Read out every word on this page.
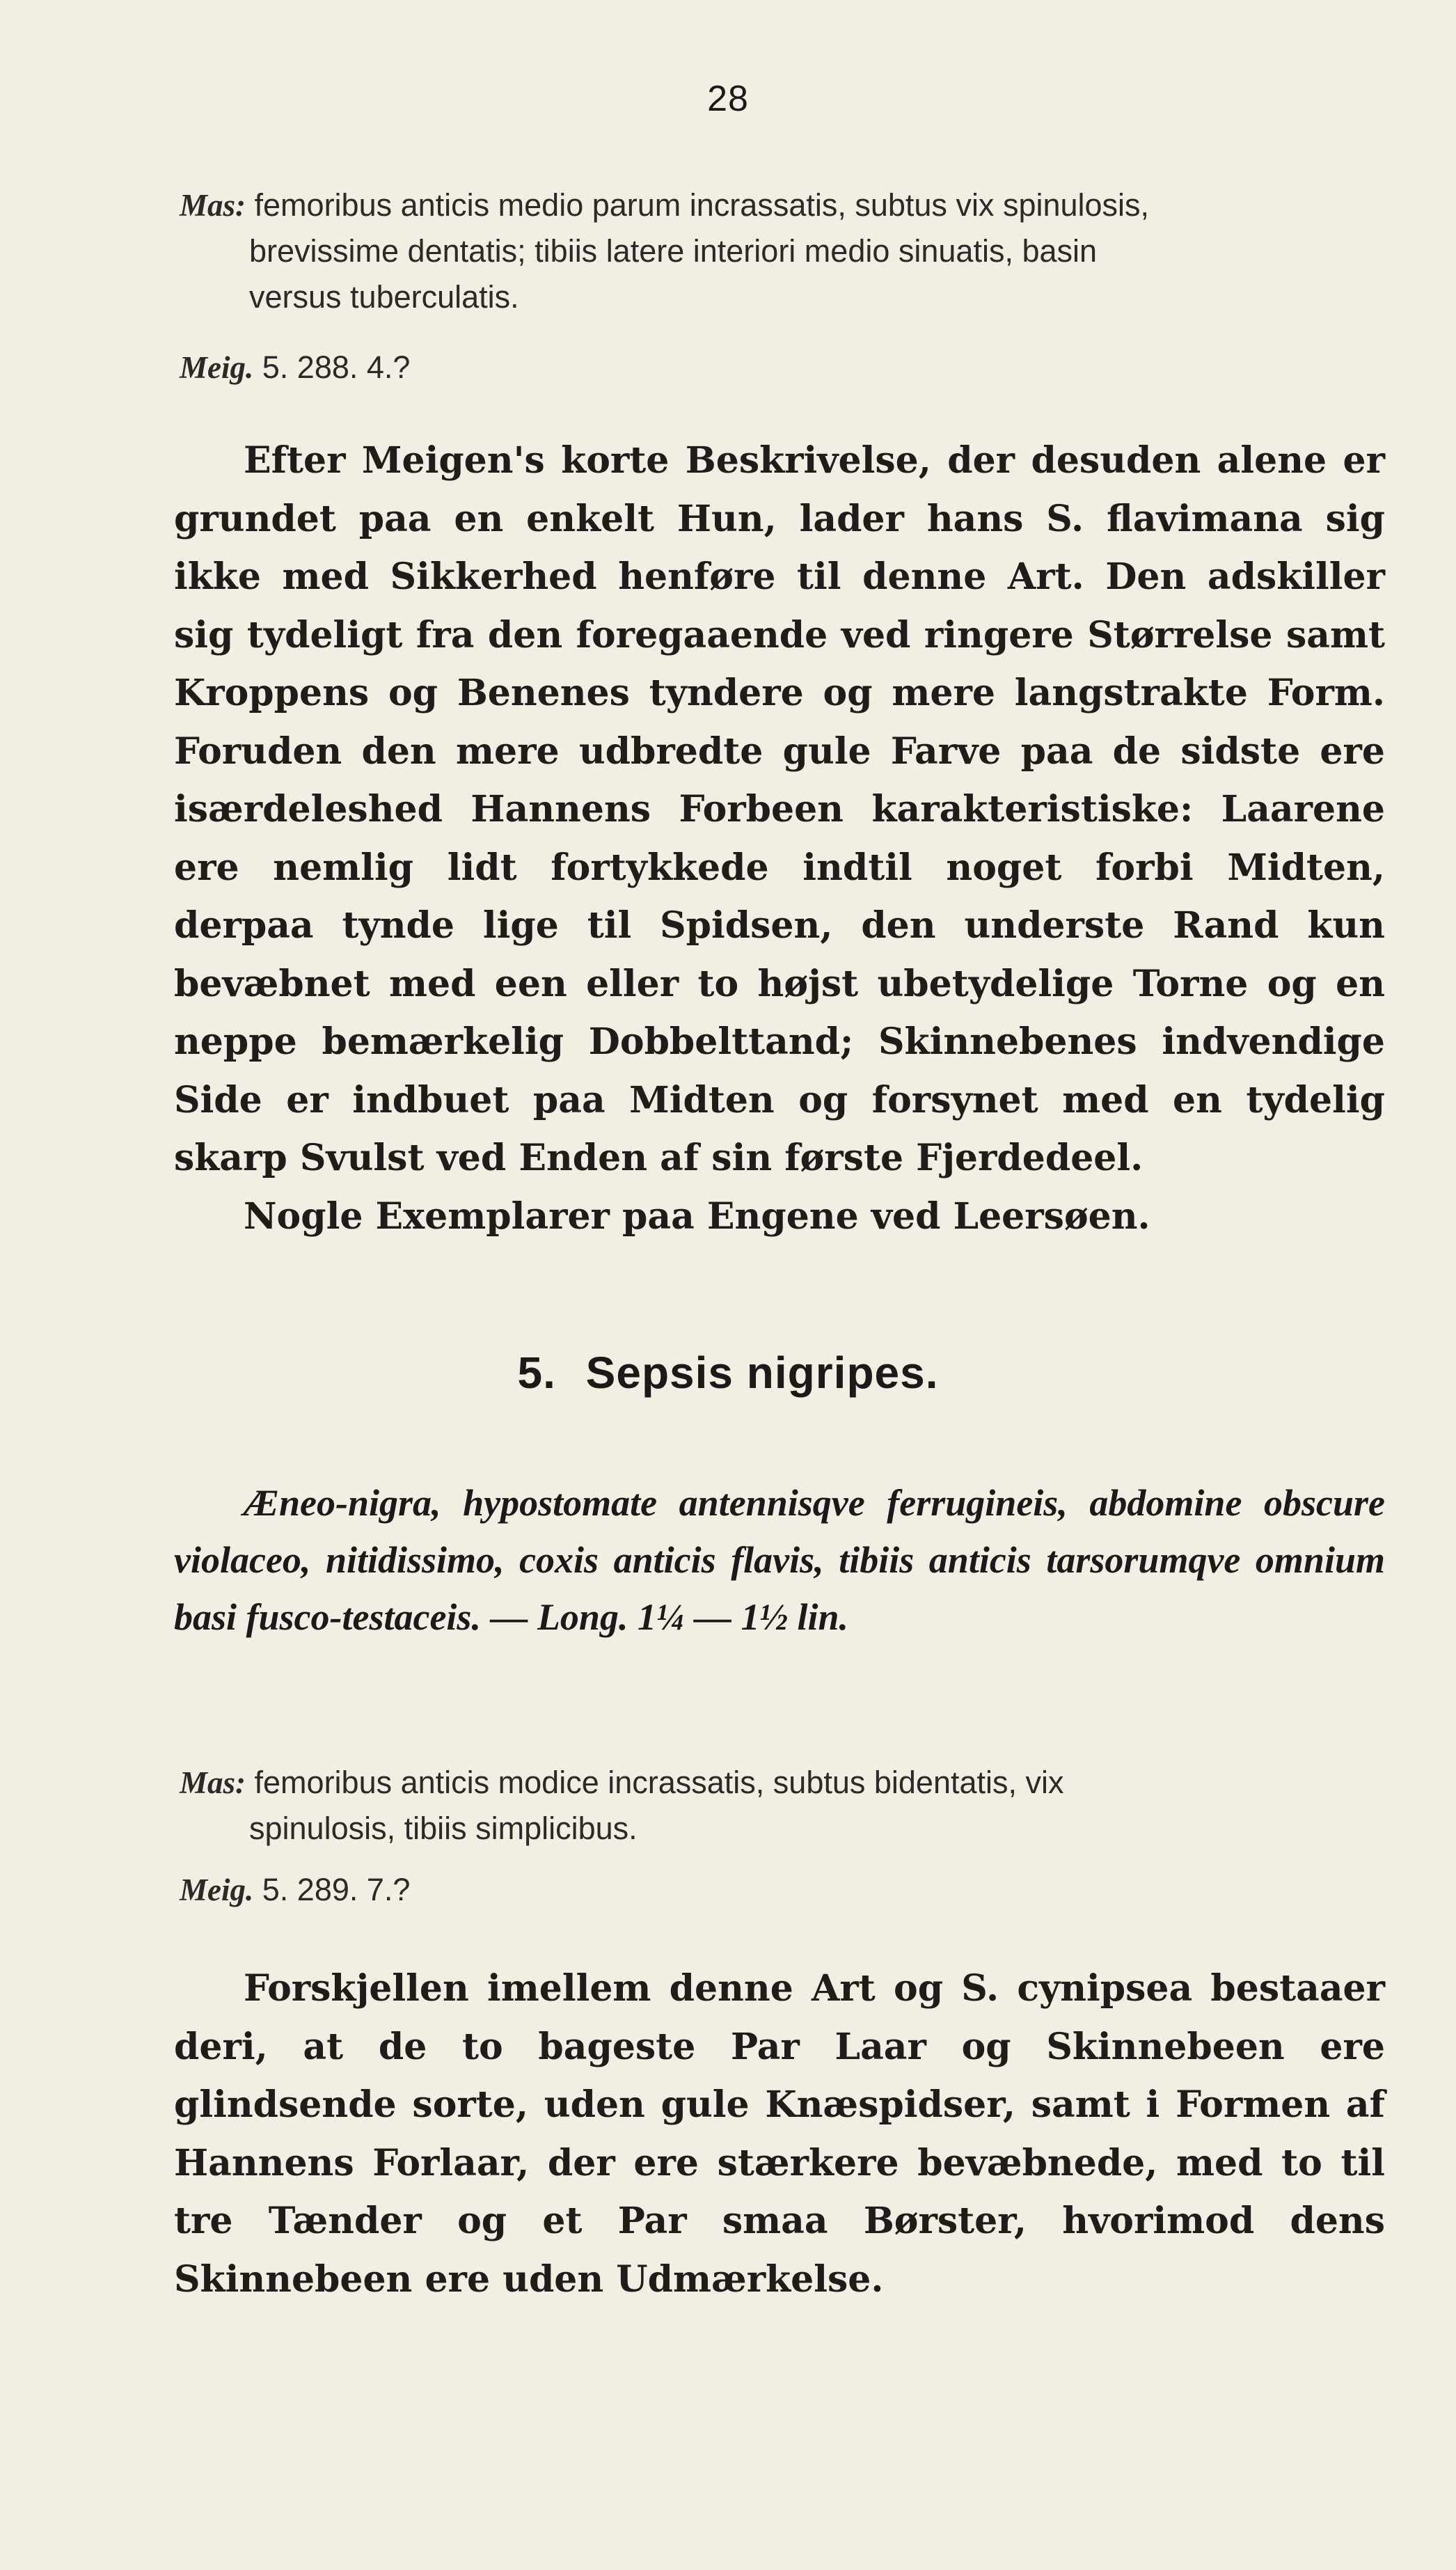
28
Mas: femoribus anticis medio parum incrassatis, subtus vix spinulosis,
brevissime dentatis; tibiis latere interiori medio sinuatis, basin
versus tuberculatis.
Meig. 5. 288. 4.?

Efter Meigen's korte Beskrivelse, der desuden alene er grundet paa en enkelt Hun, lader hans S. flavimana sig ikke med Sikkerhed henføre til denne Art. Den adskiller sig tydeligt fra den foregaaende ved ringere Størrelse samt Kroppens og Benenes tyndere og mere langstrakte Form. Foruden den mere udbredte gule Farve paa de sidste ere isærdeleshed Hannens Forbeen karakteristiske: Laarene ere nemlig lidt fortykkede indtil noget forbi Midten, derpaa tynde lige til Spidsen, den underste Rand kun bevæbnet med een eller to højst ubetydelige Torne og en neppe bemærkelig Dobbelttand; Skinnebenes indvendige Side er indbuet paa Midten og forsynet med en tydelig skarp Svulst ved Enden af sin første Fjerdedeel.

Nogle Exemplarer paa Engene ved Leersøen.

5. Sepsis nigripes.
Æneo-nigra, hypostomate antennisqve ferrugineis, abdomine obscure violaceo, nitidissimo, coxis anticis flavis, tibiis anticis tarsorumqve omnium basi fusco-testaceis. — Long. 1¼ — 1½ lin.
Mas: femoribus anticis modice incrassatis, subtus bidentatis, vix
spinulosis, tibiis simplicibus.
Meig. 5. 289. 7.?

Forskjellen imellem denne Art og S. cynipsea bestaaer deri, at de to bageste Par Laar og Skinnebeen ere glindsende sorte, uden gule Knæspidser, samt i Formen af Hannens Forlaar, der ere stærkere bevæbnede, med to til tre Tænder og et Par smaa Børster, hvorimod dens Skinnebeen ere uden Udmærkelse.
